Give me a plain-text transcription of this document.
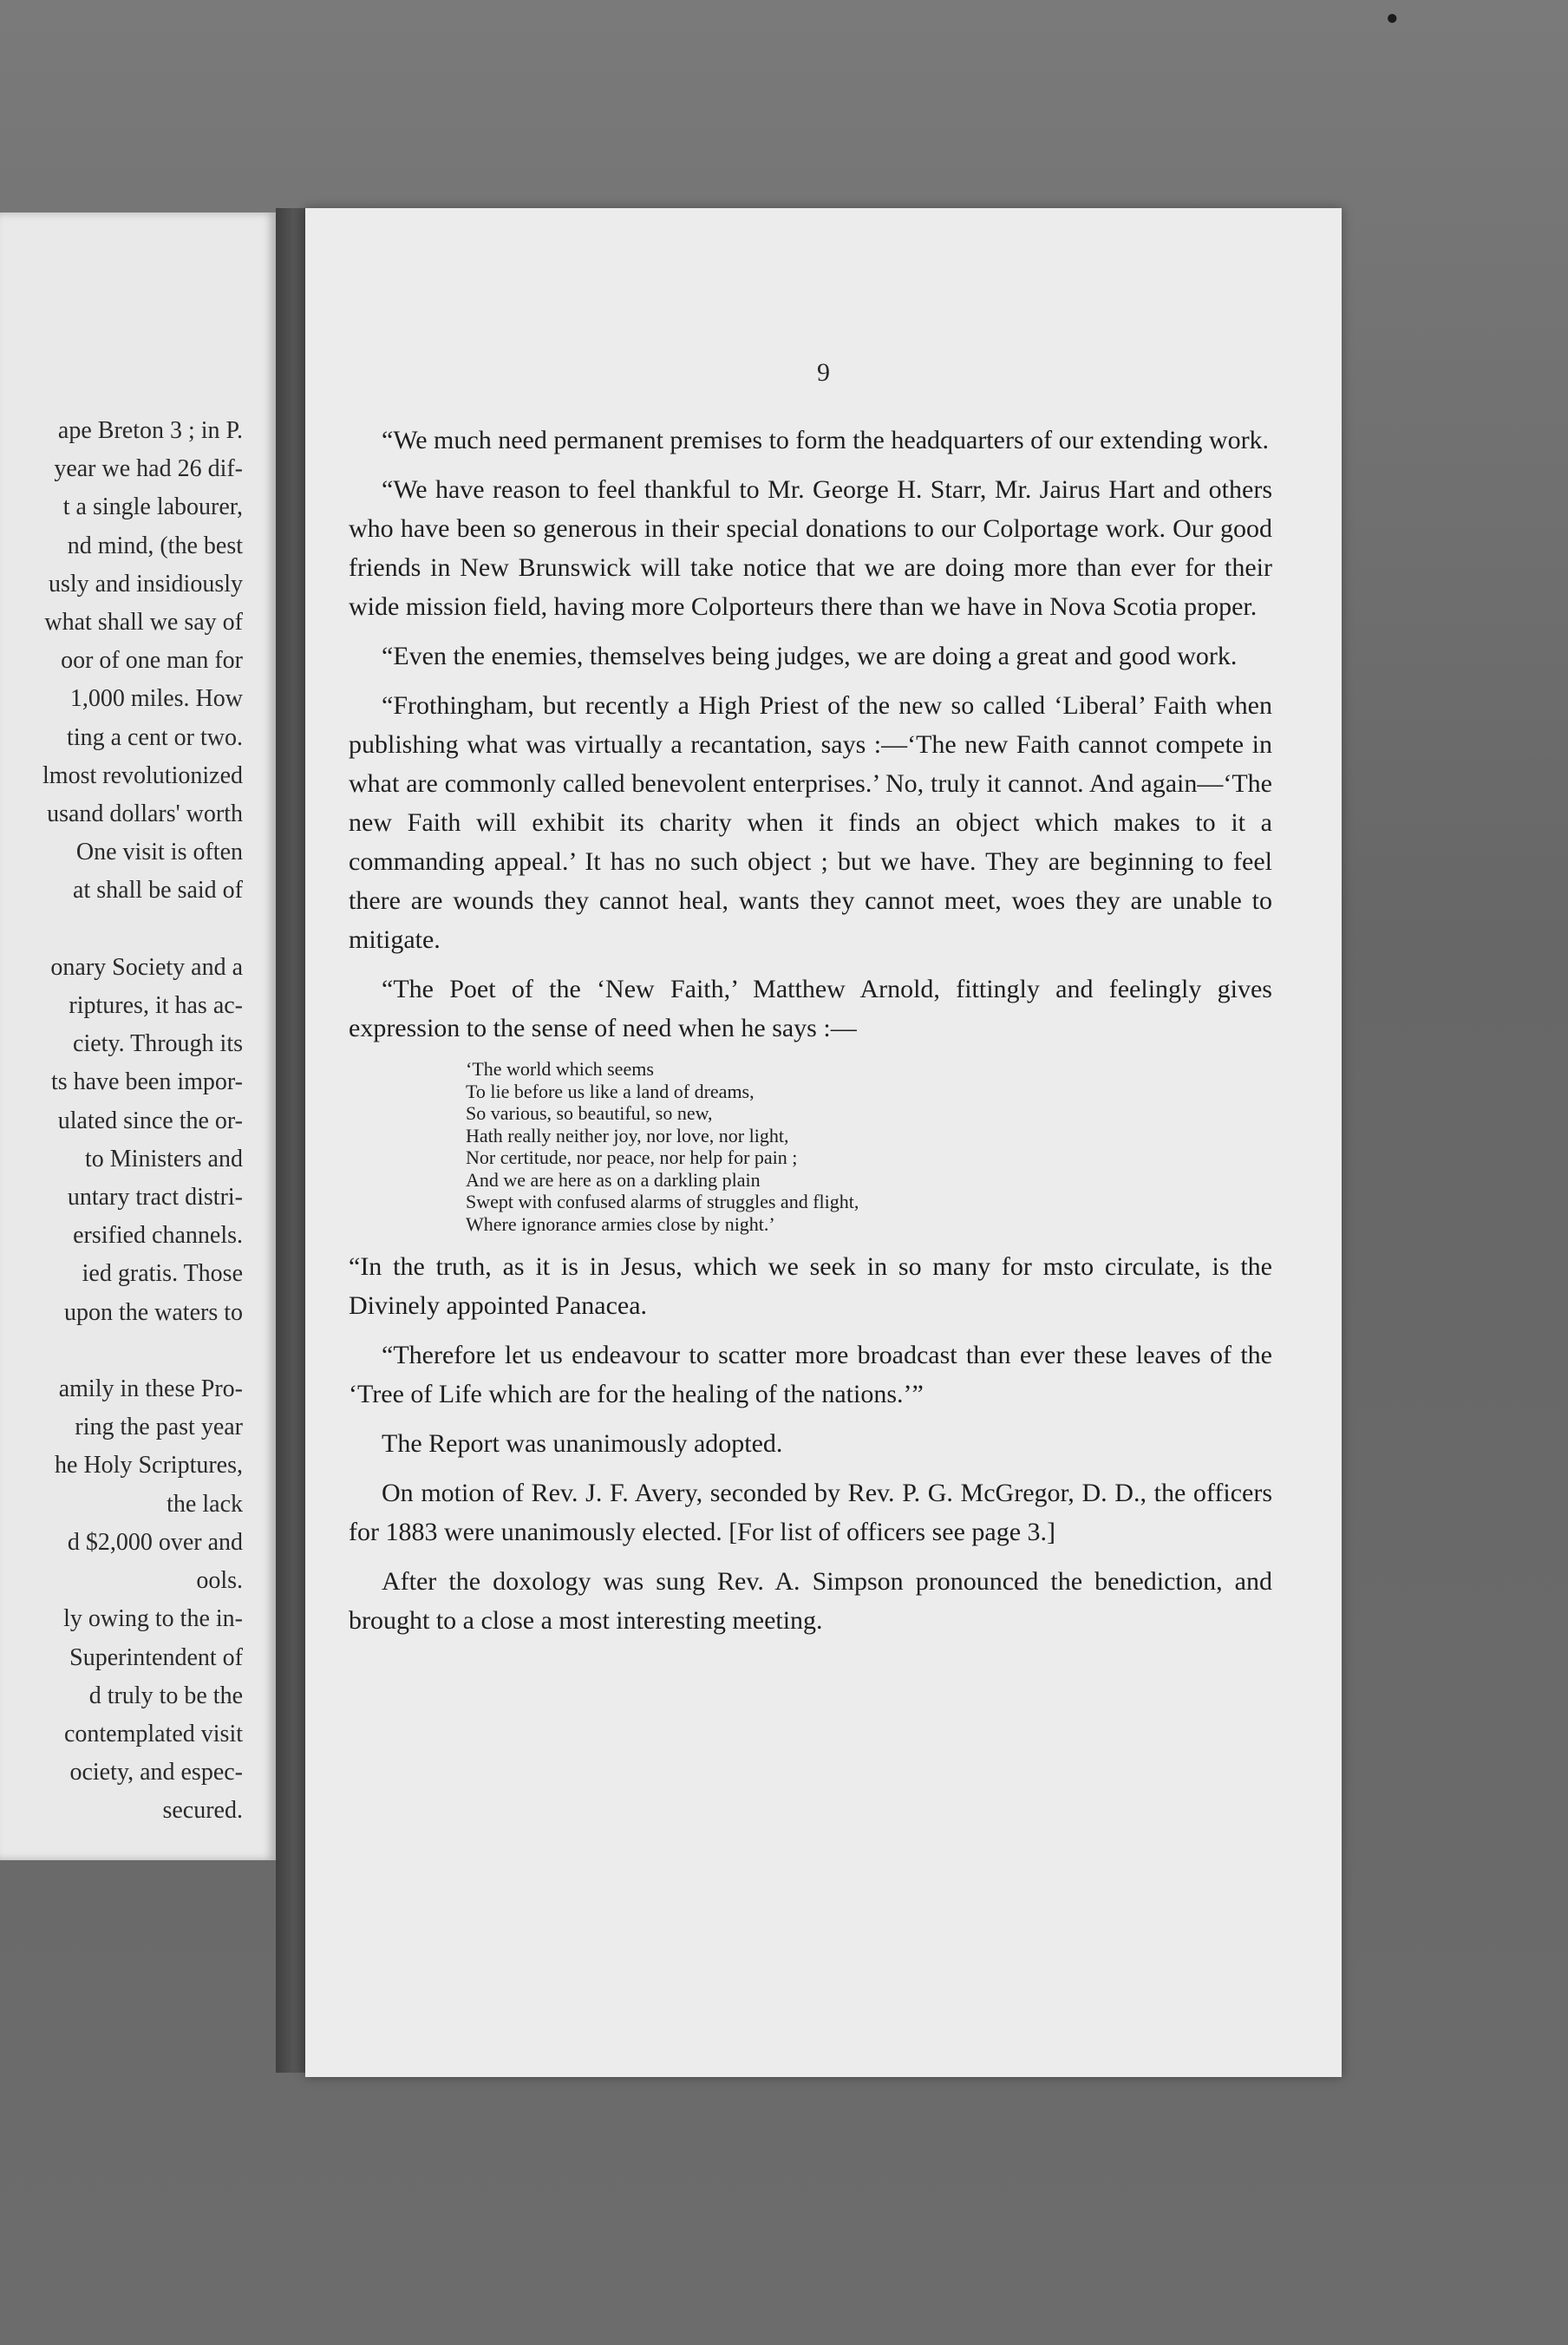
●
ape Breton 3 ; in P.
year we had 26 dif-
t a single labourer,
nd mind, (the best
usly and insidiously
what shall we say of
oor of one man for
1,000 miles. How
ting a cent or two.
lmost revolutionized
usand dollars' worth
One visit is often
at shall be said of

onary Society and a
riptures, it has ac-
ciety. Through its
ts have been impor-
ulated since the or-
to Ministers and
untary tract distri-
ersified channels.
ied gratis. Those
upon the waters to

amily in these Pro-
ring the past year
he Holy Scriptures,
the lack
d $2,000 over and
ools.
ly owing to the in-
Superintendent of
d truly to be the
contemplated visit
ociety, and espec-
secured.
9

“We much need permanent premises to form the headquarters of our extending work.

“We have reason to feel thankful to Mr. George H. Starr, Mr. Jairus Hart and others who have been so generous in their special donations to our Colportage work. Our good friends in New Brunswick will take notice that we are doing more than ever for their wide mission field, having more Colporteurs there than we have in Nova Scotia proper.

“Even the enemies, themselves being judges, we are doing a great and good work.

“Frothingham, but recently a High Priest of the new so called ‘Liberal’ Faith when publishing what was virtually a recantation, says :—‘The new Faith cannot compete in what are commonly called benevolent enterprises.’ No, truly it cannot. And again—‘The new Faith will exhibit its charity when it finds an object which makes to it a commanding appeal.’ It has no such object ; but we have. They are beginning to feel there are wounds they cannot heal, wants they cannot meet, woes they are unable to mitigate.

“The Poet of the ‘New Faith,’ Matthew Arnold, fittingly and feelingly gives expression to the sense of need when he says :—

‘The world which seems
To lie before us like a land of dreams,
So various, so beautiful, so new,
Hath really neither joy, nor love, nor light,
Nor certitude, nor peace, nor help for pain ;
And we are here as on a darkling plain
Swept with confused alarms of struggles and flight,
Where ignorance armies close by night.’

“In the truth, as it is in Jesus, which we seek in so many for msto circulate, is the Divinely appointed Panacea.

“Therefore let us endeavour to scatter more broadcast than ever these leaves of the ‘Tree of Life which are for the healing of the nations.’”

The Report was unanimously adopted.

On motion of Rev. J. F. Avery, seconded by Rev. P. G. McGregor, D. D., the officers for 1883 were unanimously elected. [For list of officers see page 3.]

After the doxology was sung Rev. A. Simpson pronounced the benediction, and brought to a close a most interesting meeting.
